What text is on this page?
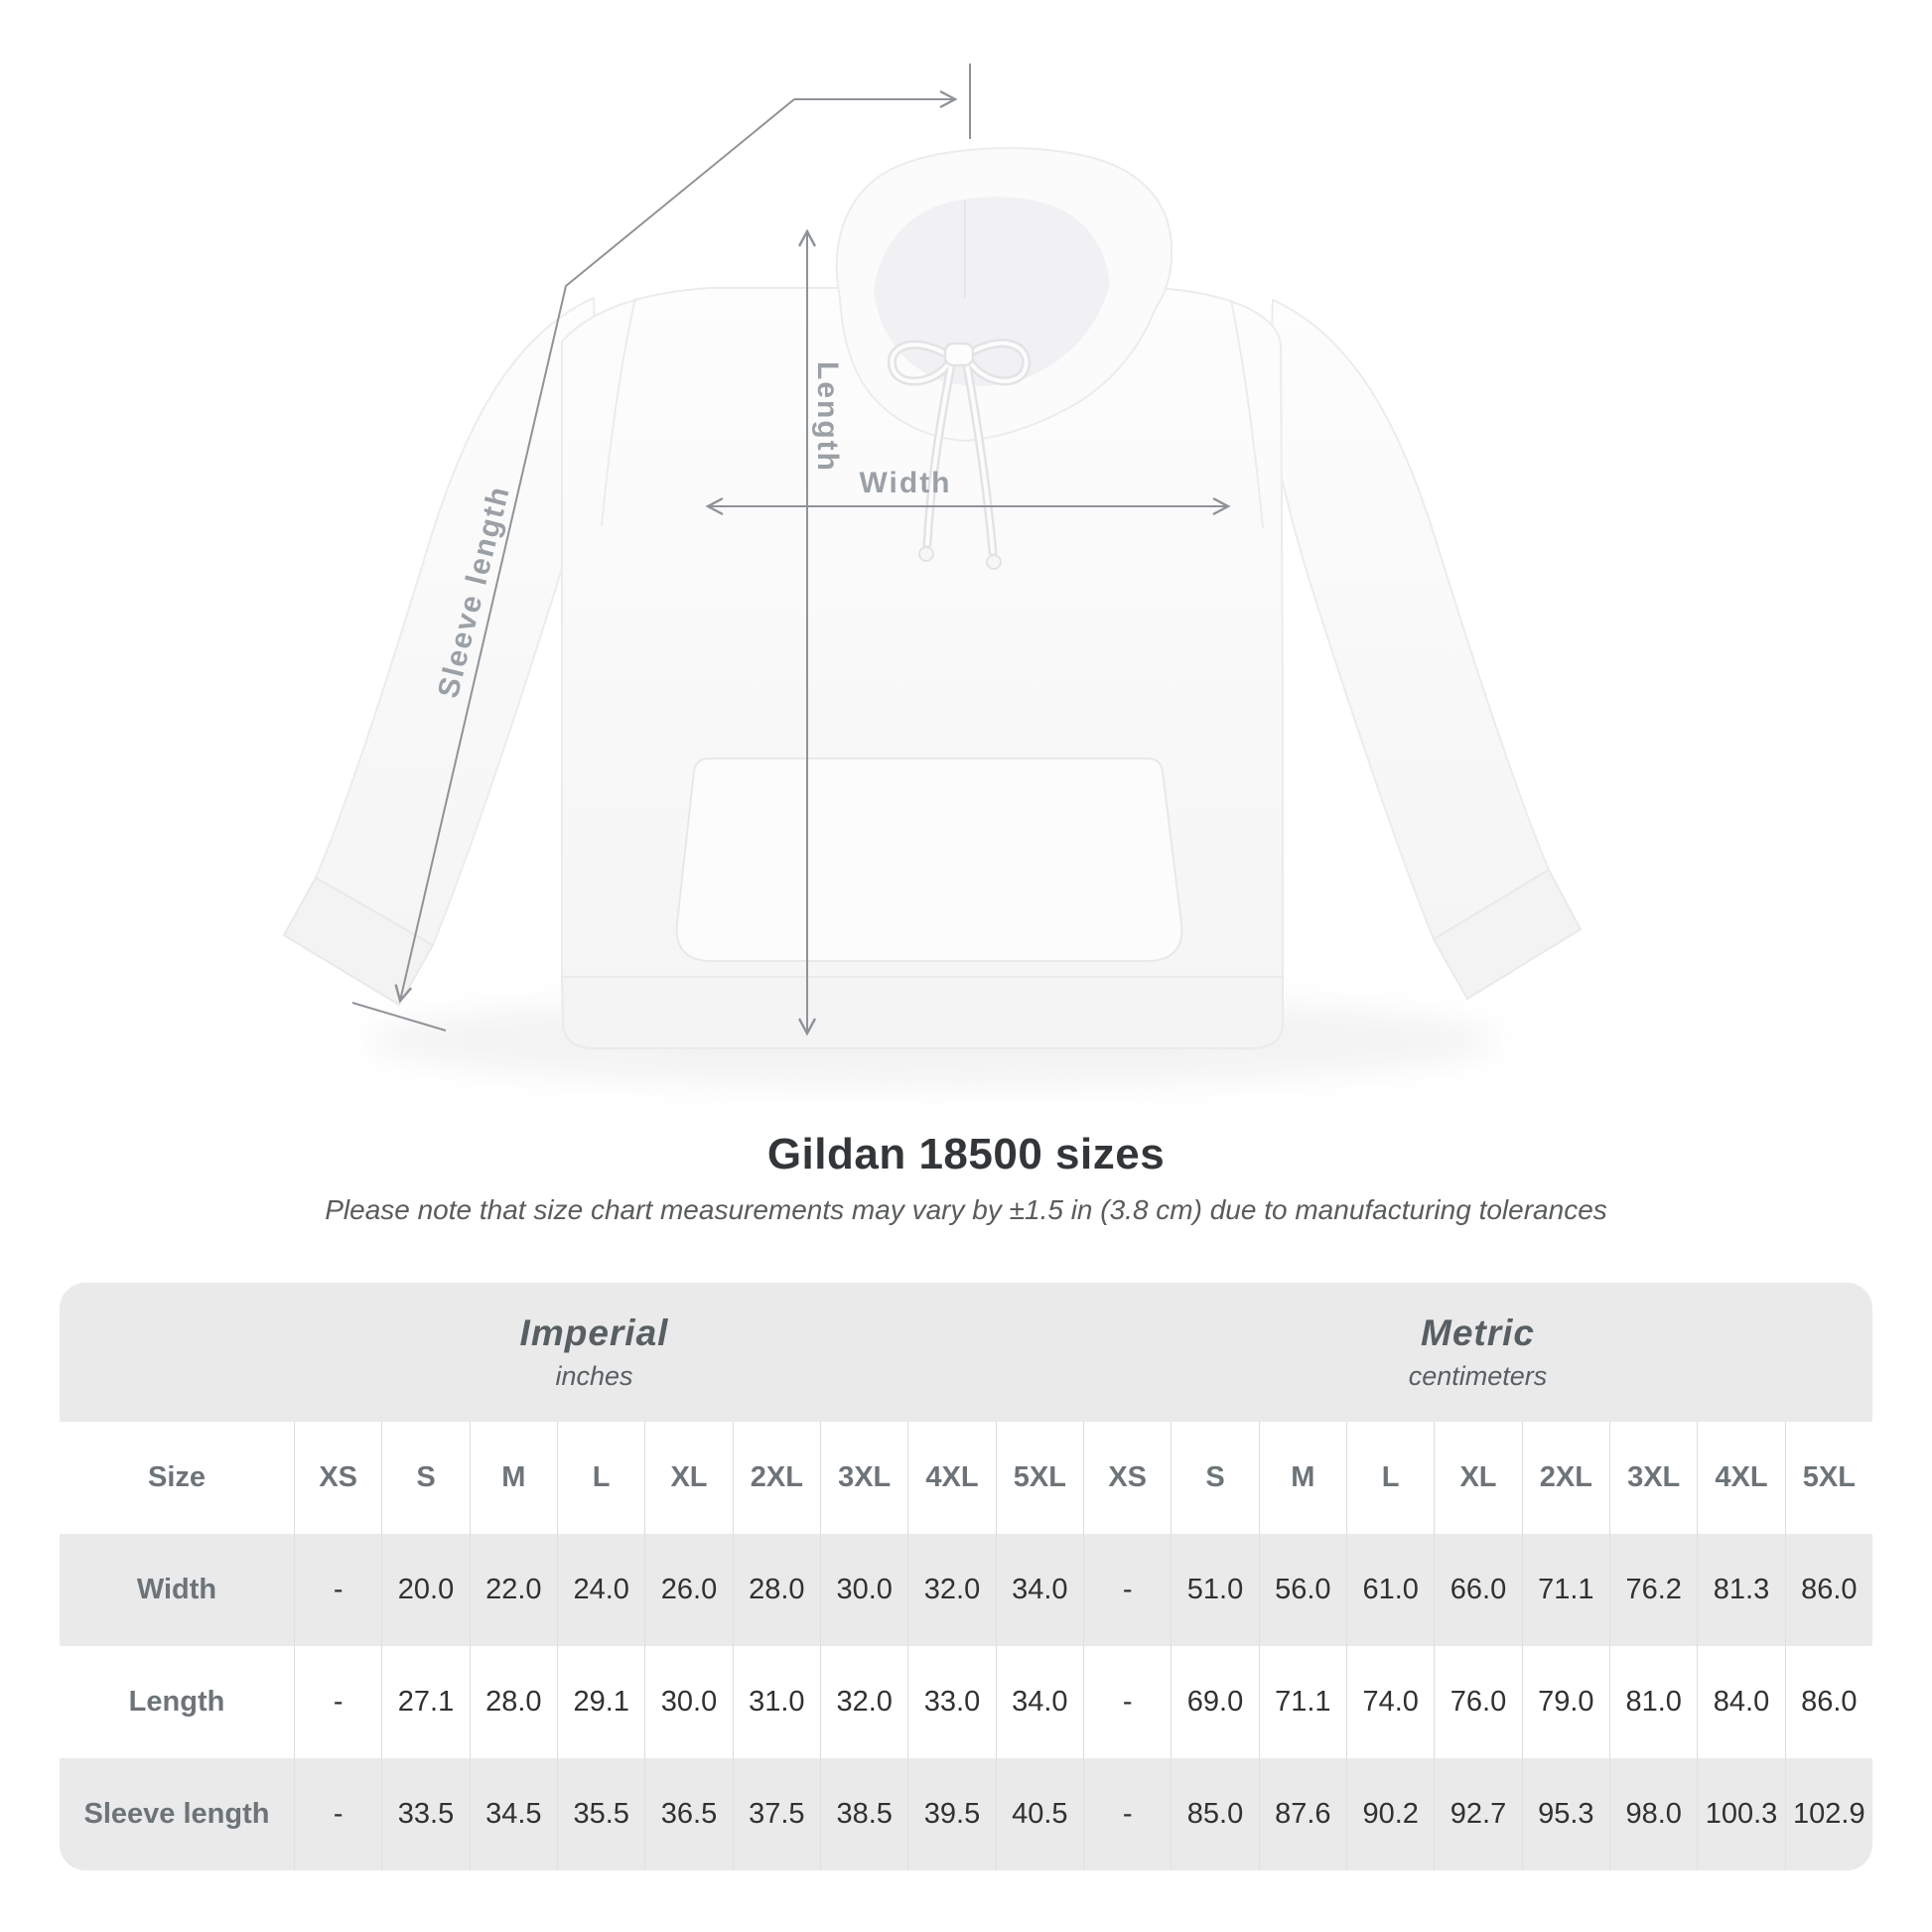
Length
Width
Sleeve length
Gildan 18500 sizes
Please note that size chart measurements may vary by ±1.5 in (3.8 cm) due to manufacturing tolerances
Imperial
inches
Metric
centimeters
Size	XS	S	M	L	XL	2XL	3XL	4XL	5XL	XS	S	M	L	XL	2XL	3XL	4XL	5XL
Width	-	20.0	22.0	24.0	26.0	28.0	30.0	32.0	34.0	-	51.0	56.0	61.0	66.0	71.1	76.2	81.3	86.0
Length	-	27.1	28.0	29.1	30.0	31.0	32.0	33.0	34.0	-	69.0	71.1	74.0	76.0	79.0	81.0	84.0	86.0
Sleeve length	-	33.5	34.5	35.5	36.5	37.5	38.5	39.5	40.5	-	85.0	87.6	90.2	92.7	95.3	98.0 100.3 102.9
